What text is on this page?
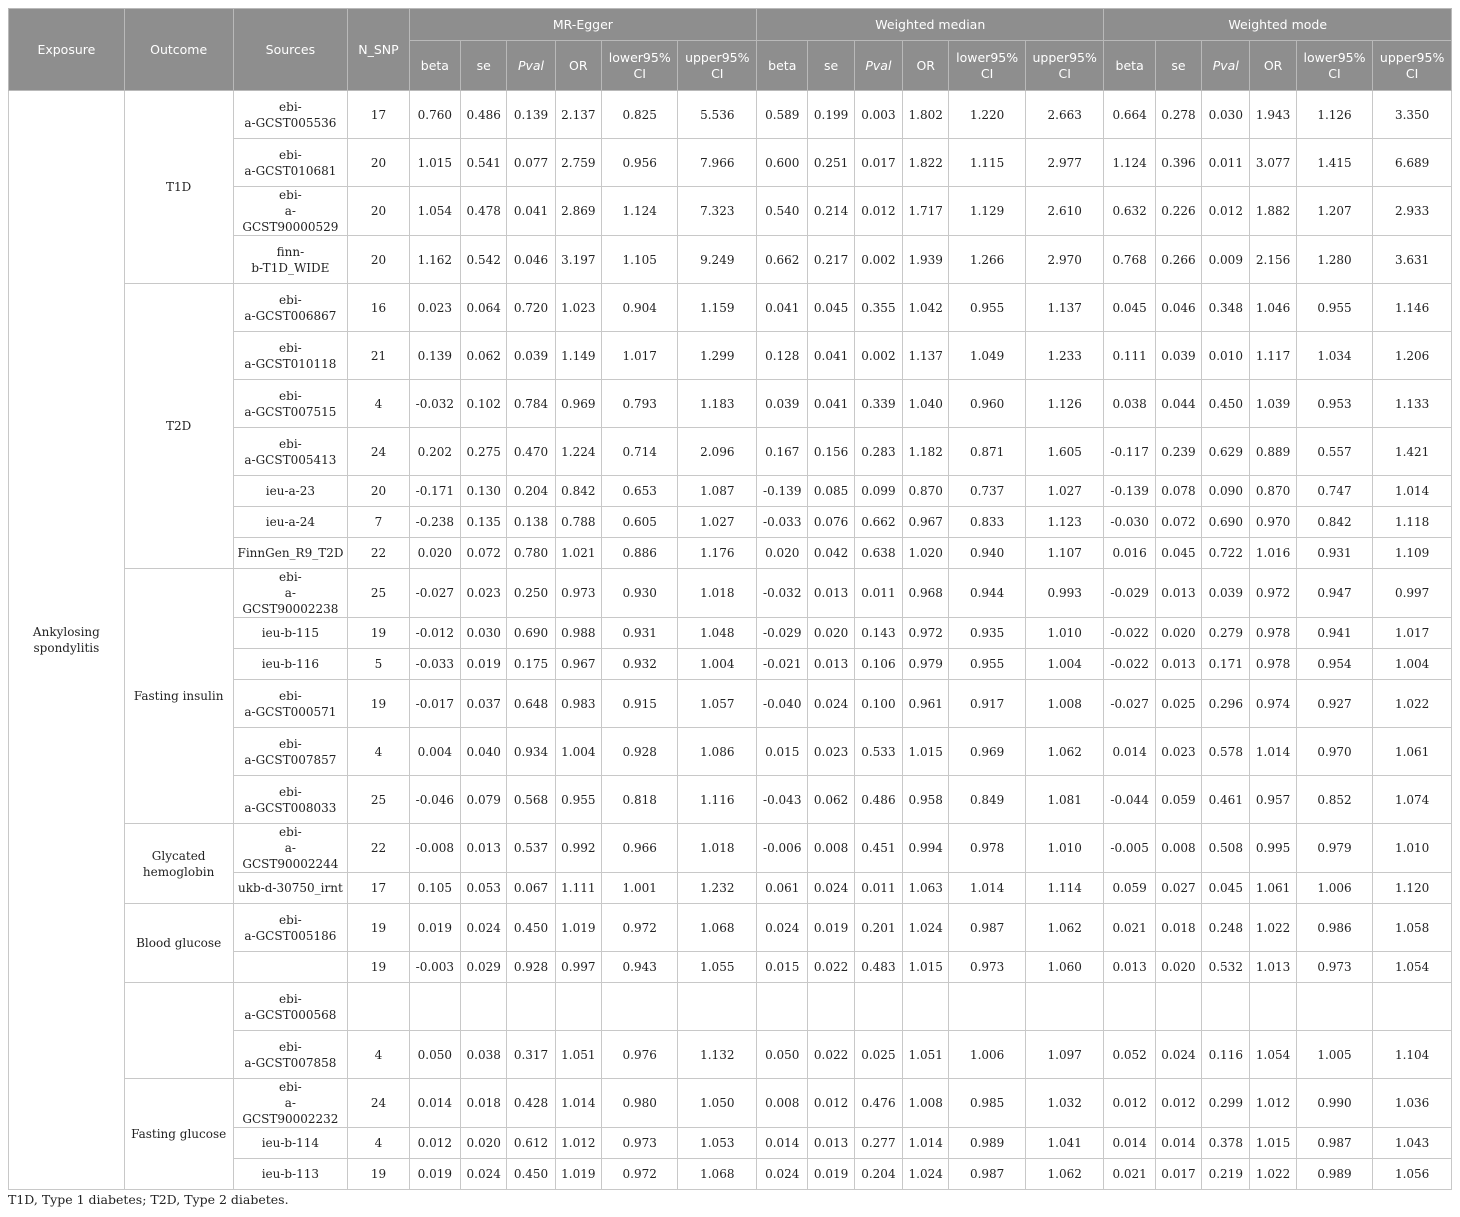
Exposure	Outcome	Sources	N_SNP	MR-Egger						Weighted median						Weighted mode					
				beta	se	Pval	OR	lower95% CI	upper95% CI	beta	se	Pval	OR	lower95% CI	upper95% CI	beta	se	Pval	OR	lower95% CI	upper95% CI
Ankylosing spondylitis	T1D	ebi-
a-GCST005536	17	0.760	0.486	0.139	2.137	0.825	5.536	0.589	0.199	0.003	1.802	1.220	2.663	0.664	0.278	0.030	1.943	1.126	3.350

		ebi-
a-GCST010681	20	1.015	0.541	0.077	2.759	0.956	7.966	0.600	0.251	0.017	1.822	1.115	2.977	1.124	0.396	0.011	3.077	1.415	6.689

		ebi-
a-GCST90000529	20	1.054	0.478	0.041	2.869	1.124	7.323	0.540	0.214	0.012	1.717	1.129	2.610	0.632	0.226	0.012	1.882	1.207	2.933

		finn-
b-T1D_WIDE	20	1.162	0.542	0.046	3.197	1.105	9.249	0.662	0.217	0.002	1.939	1.266	2.970	0.768	0.266	0.009	2.156	1.280	3.631
	T2D	ebi-
a-GCST006867	16	0.023	0.064	0.720	1.023	0.904	1.159	0.041	0.045	0.355	1.042	0.955	1.137	0.045	0.046	0.348	1.046	0.955	1.146

		ebi-
a-GCST010118	21	0.139	0.062	0.039	1.149	1.017	1.299	0.128	0.041	0.002	1.137	1.049	1.233	0.111	0.039	0.010	1.117	1.034	1.206

		ebi-
a-GCST007515	4	-0.032	0.102	0.784	0.969	0.793	1.183	0.039	0.041	0.339	1.040	0.960	1.126	0.038	0.044	0.450	1.039	0.953	1.133

		ebi-
a-GCST005413	24	0.202	0.275	0.470	1.224	0.714	2.096	0.167	0.156	0.283	1.182	0.871	1.605	-0.117	0.239	0.629	0.889	0.557	1.421
		ieu-a-23	20	-0.171	0.130	0.204	0.842	0.653	1.087	-0.139	0.085	0.099	0.870	0.737	1.027	-0.139	0.078	0.090	0.870	0.747	1.014
		ieu-a-24	7	-0.238	0.135	0.138	0.788	0.605	1.027	-0.033	0.076	0.662	0.967	0.833	1.123	-0.030	0.072	0.690	0.970	0.842	1.118
		FinnGen_R9_T2D	22	0.020	0.072	0.780	1.021	0.886	1.176	0.020	0.042	0.638	1.020	0.940	1.107	0.016	0.045	0.722	1.016	0.931	1.109
	Fasting insulin	ebi-
a-GCST90002238	25	-0.027	0.023	0.250	0.973	0.930	1.018	-0.032	0.013	0.011	0.968	0.944	0.993	-0.029	0.013	0.039	0.972	0.947	0.997
		ieu-b-115	19	-0.012	0.030	0.690	0.988	0.931	1.048	-0.029	0.020	0.143	0.972	0.935	1.010	-0.022	0.020	0.279	0.978	0.941	1.017
		ieu-b-116	5	-0.033	0.019	0.175	0.967	0.932	1.004	-0.021	0.013	0.106	0.979	0.955	1.004	-0.022	0.013	0.171	0.978	0.954	1.004

		ebi-
a-GCST000571	19	-0.017	0.037	0.648	0.983	0.915	1.057	-0.040	0.024	0.100	0.961	0.917	1.008	-0.027	0.025	0.296	0.974	0.927	1.022

		ebi-
a-GCST007857	4	0.004	0.040	0.934	1.004	0.928	1.086	0.015	0.023	0.533	1.015	0.969	1.062	0.014	0.023	0.578	1.014	0.970	1.061

		ebi-
a-GCST008033	25	-0.046	0.079	0.568	0.955	0.818	1.116	-0.043	0.062	0.486	0.958	0.849	1.081	-0.044	0.059	0.461	0.957	0.852	1.074
	Glycated hemoglobin	ebi-
a-GCST90002244	22	-0.008	0.013	0.537	0.992	0.966	1.018	-0.006	0.008	0.451	0.994	0.978	1.010	-0.005	0.008	0.508	0.995	0.979	1.010
		ukb-d-30750_irnt	17	0.105	0.053	0.067	1.111	1.001	1.232	0.061	0.024	0.011	1.063	1.014	1.114	0.059	0.027	0.045	1.061	1.006	1.120
	Blood glucose	ebi-
a-GCST005186	19	0.019	0.024	0.450	1.019	0.972	1.068	0.024	0.019	0.201	1.024	0.987	1.062	0.021	0.018	0.248	1.022	0.986	1.058
			19	-0.003	0.029	0.928	0.997	0.943	1.055	0.015	0.022	0.483	1.015	0.973	1.060	0.013	0.020	0.532	1.013	0.973	1.054

		ebi-
a-GCST000568																			

		ebi-
a-GCST007858	4	0.050	0.038	0.317	1.051	0.976	1.132	0.050	0.022	0.025	1.051	1.006	1.097	0.052	0.024	0.116	1.054	1.005	1.104
	Fasting glucose	ebi-
a-GCST90002232	24	0.014	0.018	0.428	1.014	0.980	1.050	0.008	0.012	0.476	1.008	0.985	1.032	0.012	0.012	0.299	1.012	0.990	1.036
		ieu-b-114	4	0.012	0.020	0.612	1.012	0.973	1.053	0.014	0.013	0.277	1.014	0.989	1.041	0.014	0.014	0.378	1.015	0.987	1.043
		ieu-b-113	19	0.019	0.024	0.450	1.019	0.972	1.068	0.024	0.019	0.204	1.024	0.987	1.062	0.021	0.017	0.219	1.022	0.989	1.056
T1D, Type 1 diabetes; T2D, Type 2 diabetes.
